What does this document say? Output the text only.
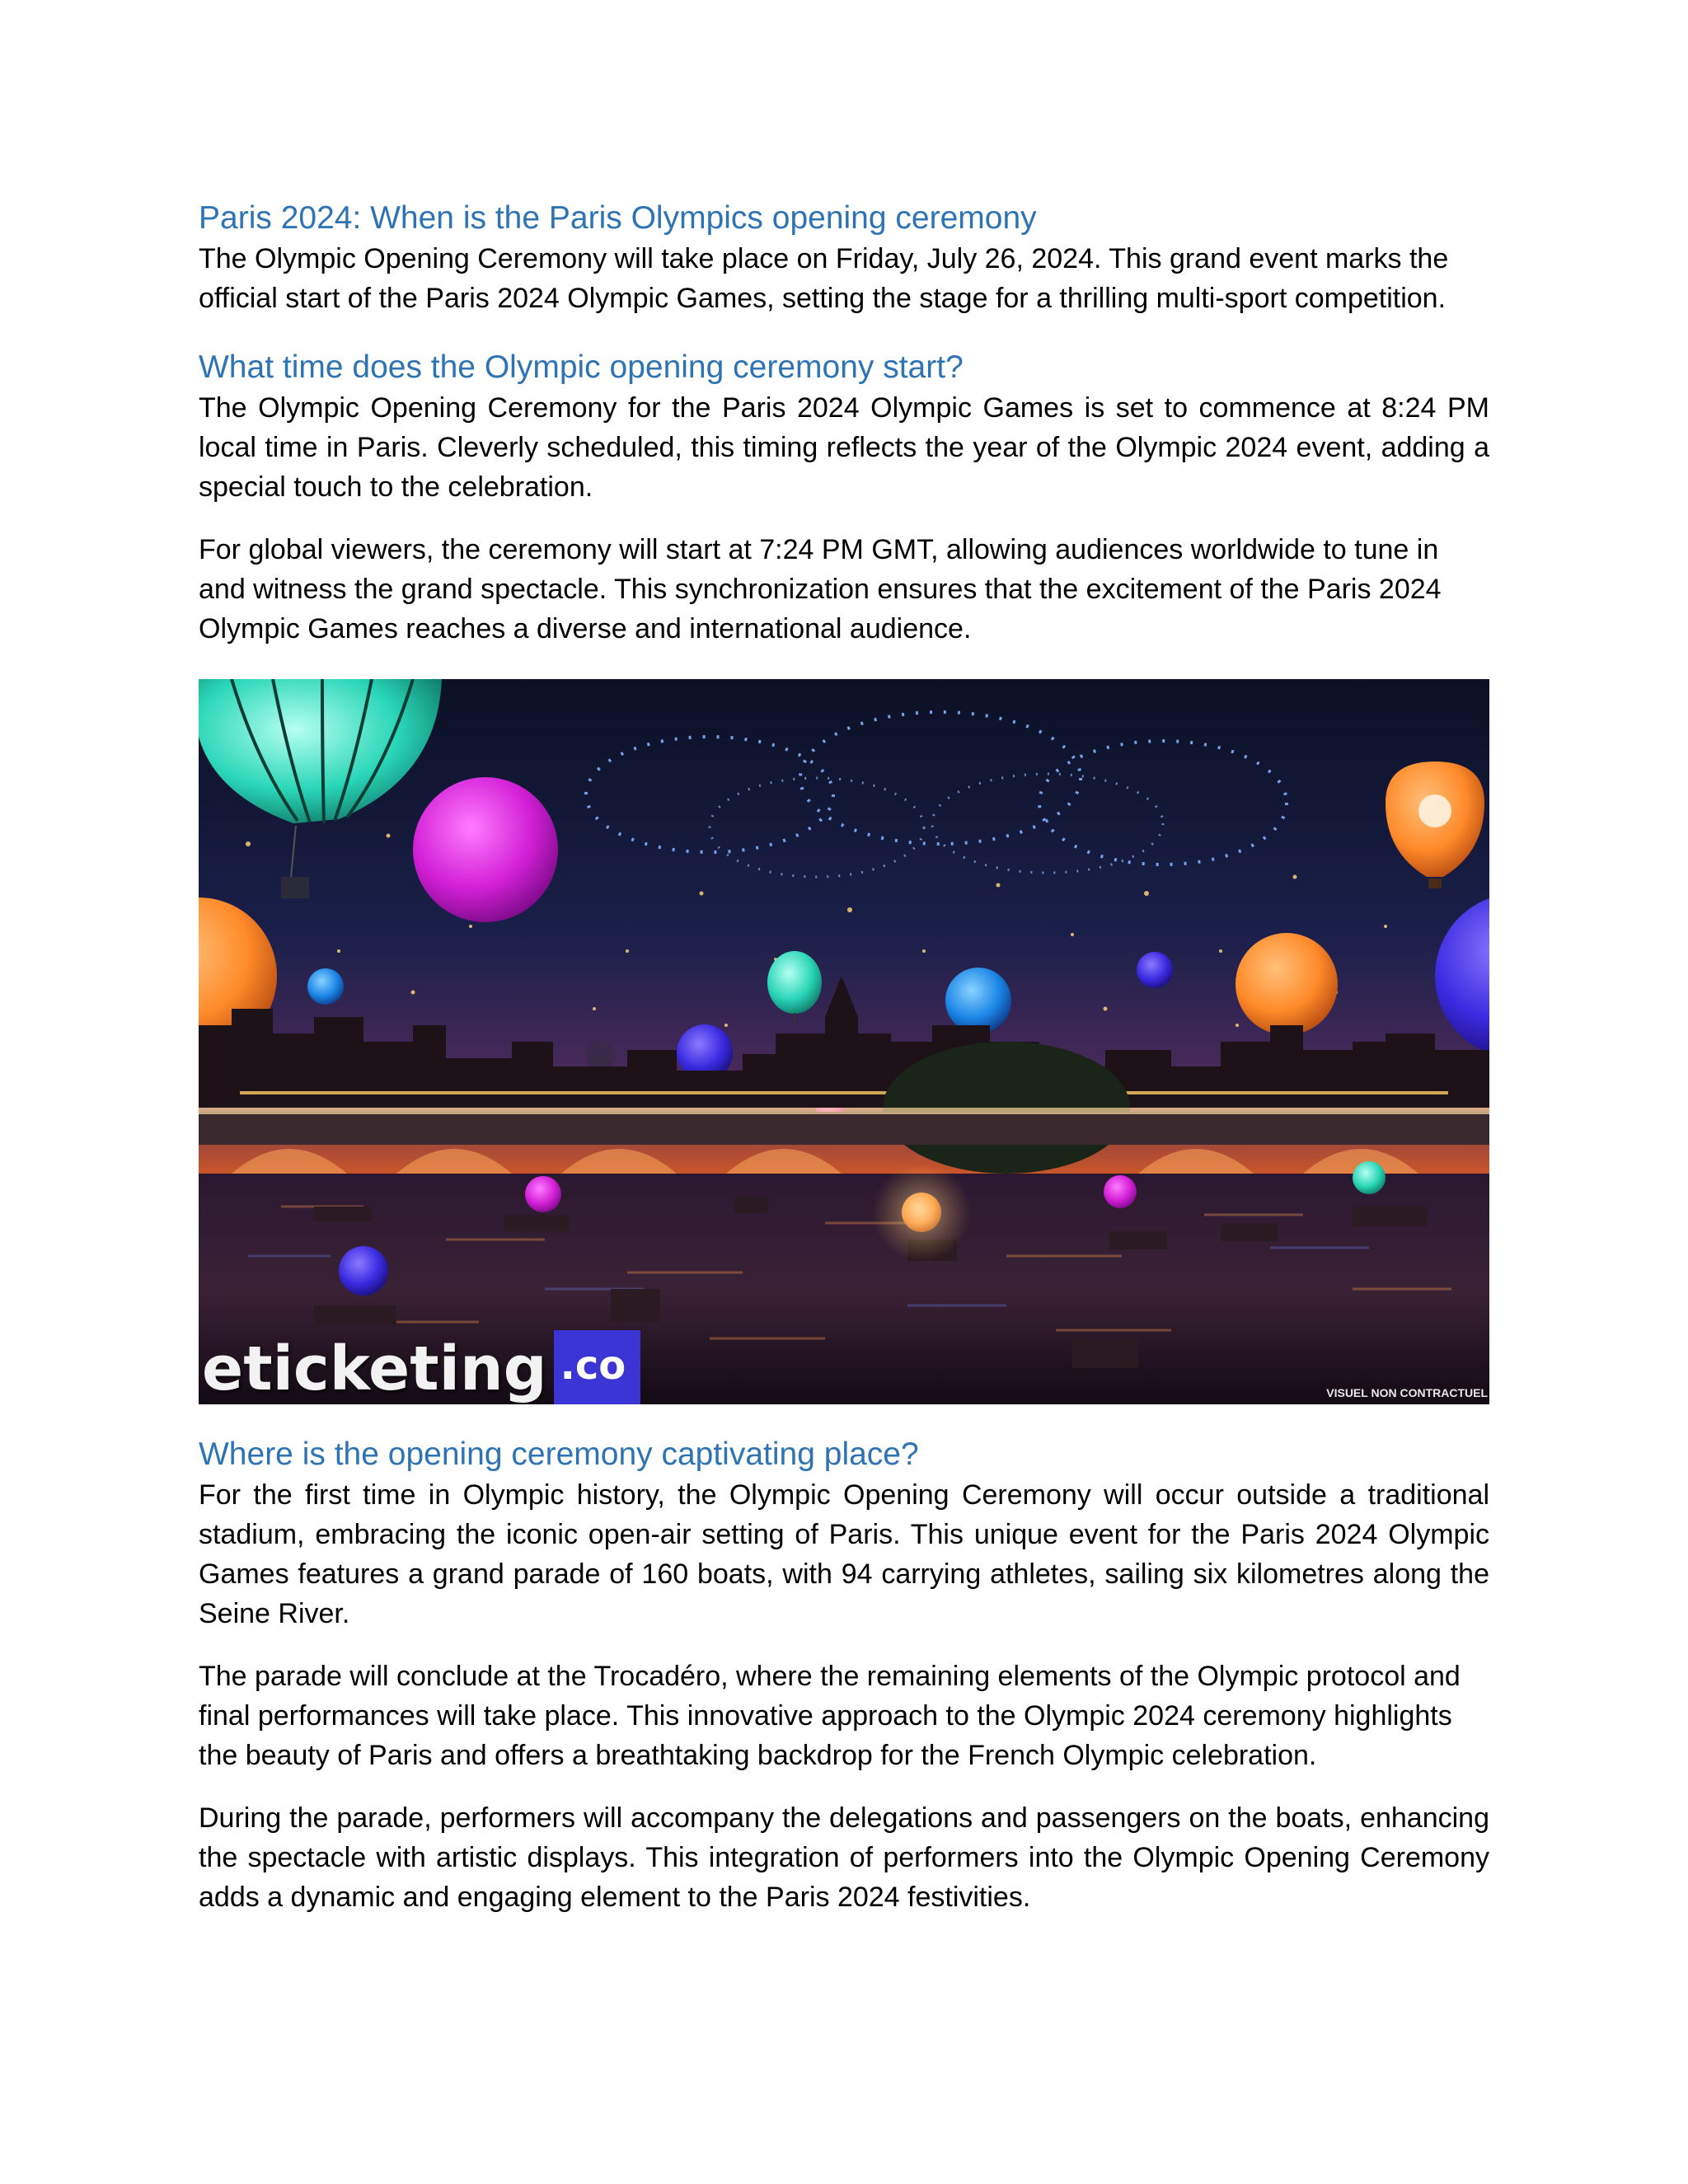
Paris 2024: When is the Paris Olympics opening ceremony

The Olympic Opening Ceremony will take place on Friday, July 26, 2024. This grand event marks the official start of the Paris 2024 Olympic Games, setting the stage for a thrilling multi-sport competition.

What time does the Olympic opening ceremony start?

The Olympic Opening Ceremony for the Paris 2024 Olympic Games is set to commence at 8:24 PM local time in Paris. Cleverly scheduled, this timing reflects the year of the Olympic 2024 event, adding a special touch to the celebration.

For global viewers, the ceremony will start at 7:24 PM GMT, allowing audiences worldwide to tune in and witness the grand spectacle. This synchronization ensures that the excitement of the Paris 2024 Olympic Games reaches a diverse and international audience.

eticketing .co
VISUEL NON CONTRACTUEL
Where is the opening ceremony captivating place?

For the first time in Olympic history, the Olympic Opening Ceremony will occur outside a traditional stadium, embracing the iconic open-air setting of Paris. This unique event for the Paris 2024 Olympic Games features a grand parade of 160 boats, with 94 carrying athletes, sailing six kilometres along the Seine River.

The parade will conclude at the Trocadéro, where the remaining elements of the Olympic protocol and final performances will take place. This innovative approach to the Olympic 2024 ceremony highlights the beauty of Paris and offers a breathtaking backdrop for the French Olympic celebration.

During the parade, performers will accompany the delegations and passengers on the boats, enhancing the spectacle with artistic displays. This integration of performers into the Olympic Opening Ceremony adds a dynamic and engaging element to the Paris 2024 festivities.
